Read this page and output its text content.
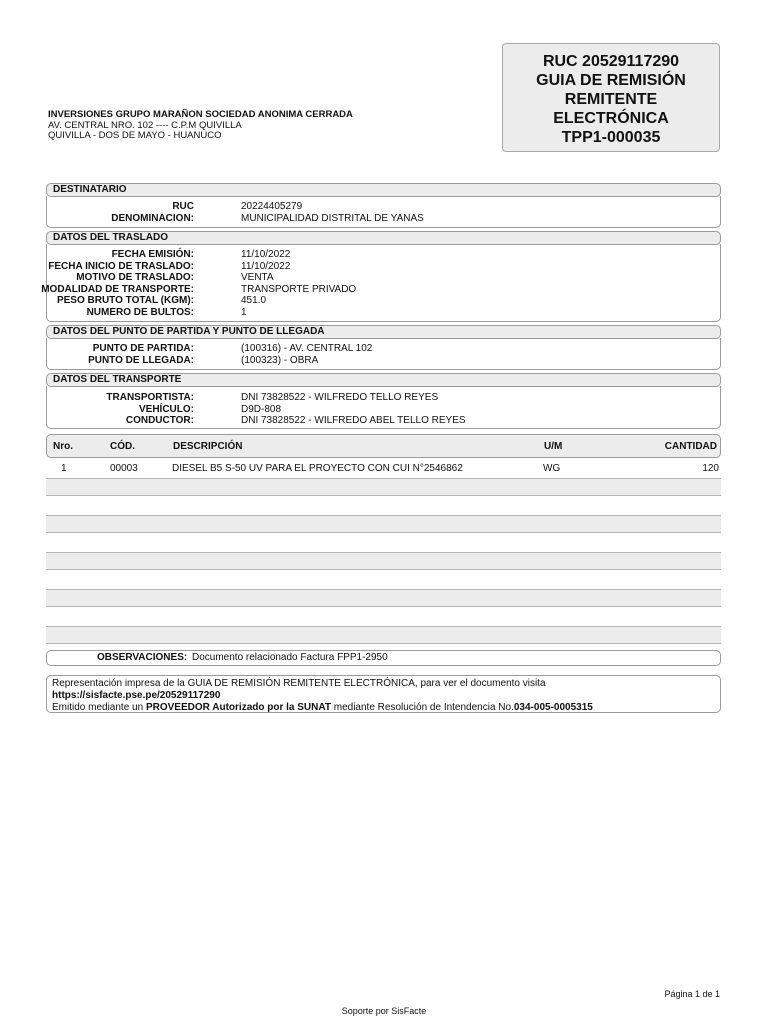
RUC 20529117290
GUIA DE REMISIÓN
REMITENTE
ELECTRÓNICA
TPP1-000035
INVERSIONES GRUPO MARAÑON SOCIEDAD ANONIMA CERRADA
AV. CENTRAL NRO. 102 ---- C.P.M QUIVILLA
QUIVILLA - DOS DE MAYO - HUANUCO
DESTINATARIO
RUC	20224405279
DENOMINACION:	MUNICIPALIDAD DISTRITAL DE YANAS
DATOS DEL TRASLADO
FECHA EMISIÓN:	11/10/2022
FECHA INICIO DE TRASLADO:	11/10/2022
MOTIVO DE TRASLADO:	VENTA
MODALIDAD DE TRANSPORTE:	TRANSPORTE PRIVADO
PESO BRUTO TOTAL (KGM):	451.0
NUMERO DE BULTOS:	1
DATOS DEL PUNTO DE PARTIDA Y PUNTO DE LLEGADA
PUNTO DE PARTIDA:	(100316) - AV. CENTRAL 102
PUNTO DE LLEGADA:	(100323) - OBRA
DATOS DEL TRANSPORTE
TRANSPORTISTA:	DNI 73828522 - WILFREDO TELLO REYES
VEHÍCULO:	D9D-808
CONDUCTOR:	DNI 73828522 - WILFREDO ABEL TELLO REYES
Nro.	CÓD.	DESCRIPCIÓN	U/M	CANTIDAD
1	00003	DIESEL B5 S-50 UV PARA EL PROYECTO CON CUI N°2546862	WG	120
OBSERVACIONES: Documento relacionado Factura FPP1-2950
Representación impresa de la GUIA DE REMISIÓN REMITENTE ELECTRÓNICA, para ver el documento visita
https://sisfacte.pse.pe/20529117290
Emitido mediante un PROVEEDOR Autorizado por la SUNAT mediante Resolución de Intendencia No.034-005-0005315
Página 1 de 1
Soporte por SisFacte
